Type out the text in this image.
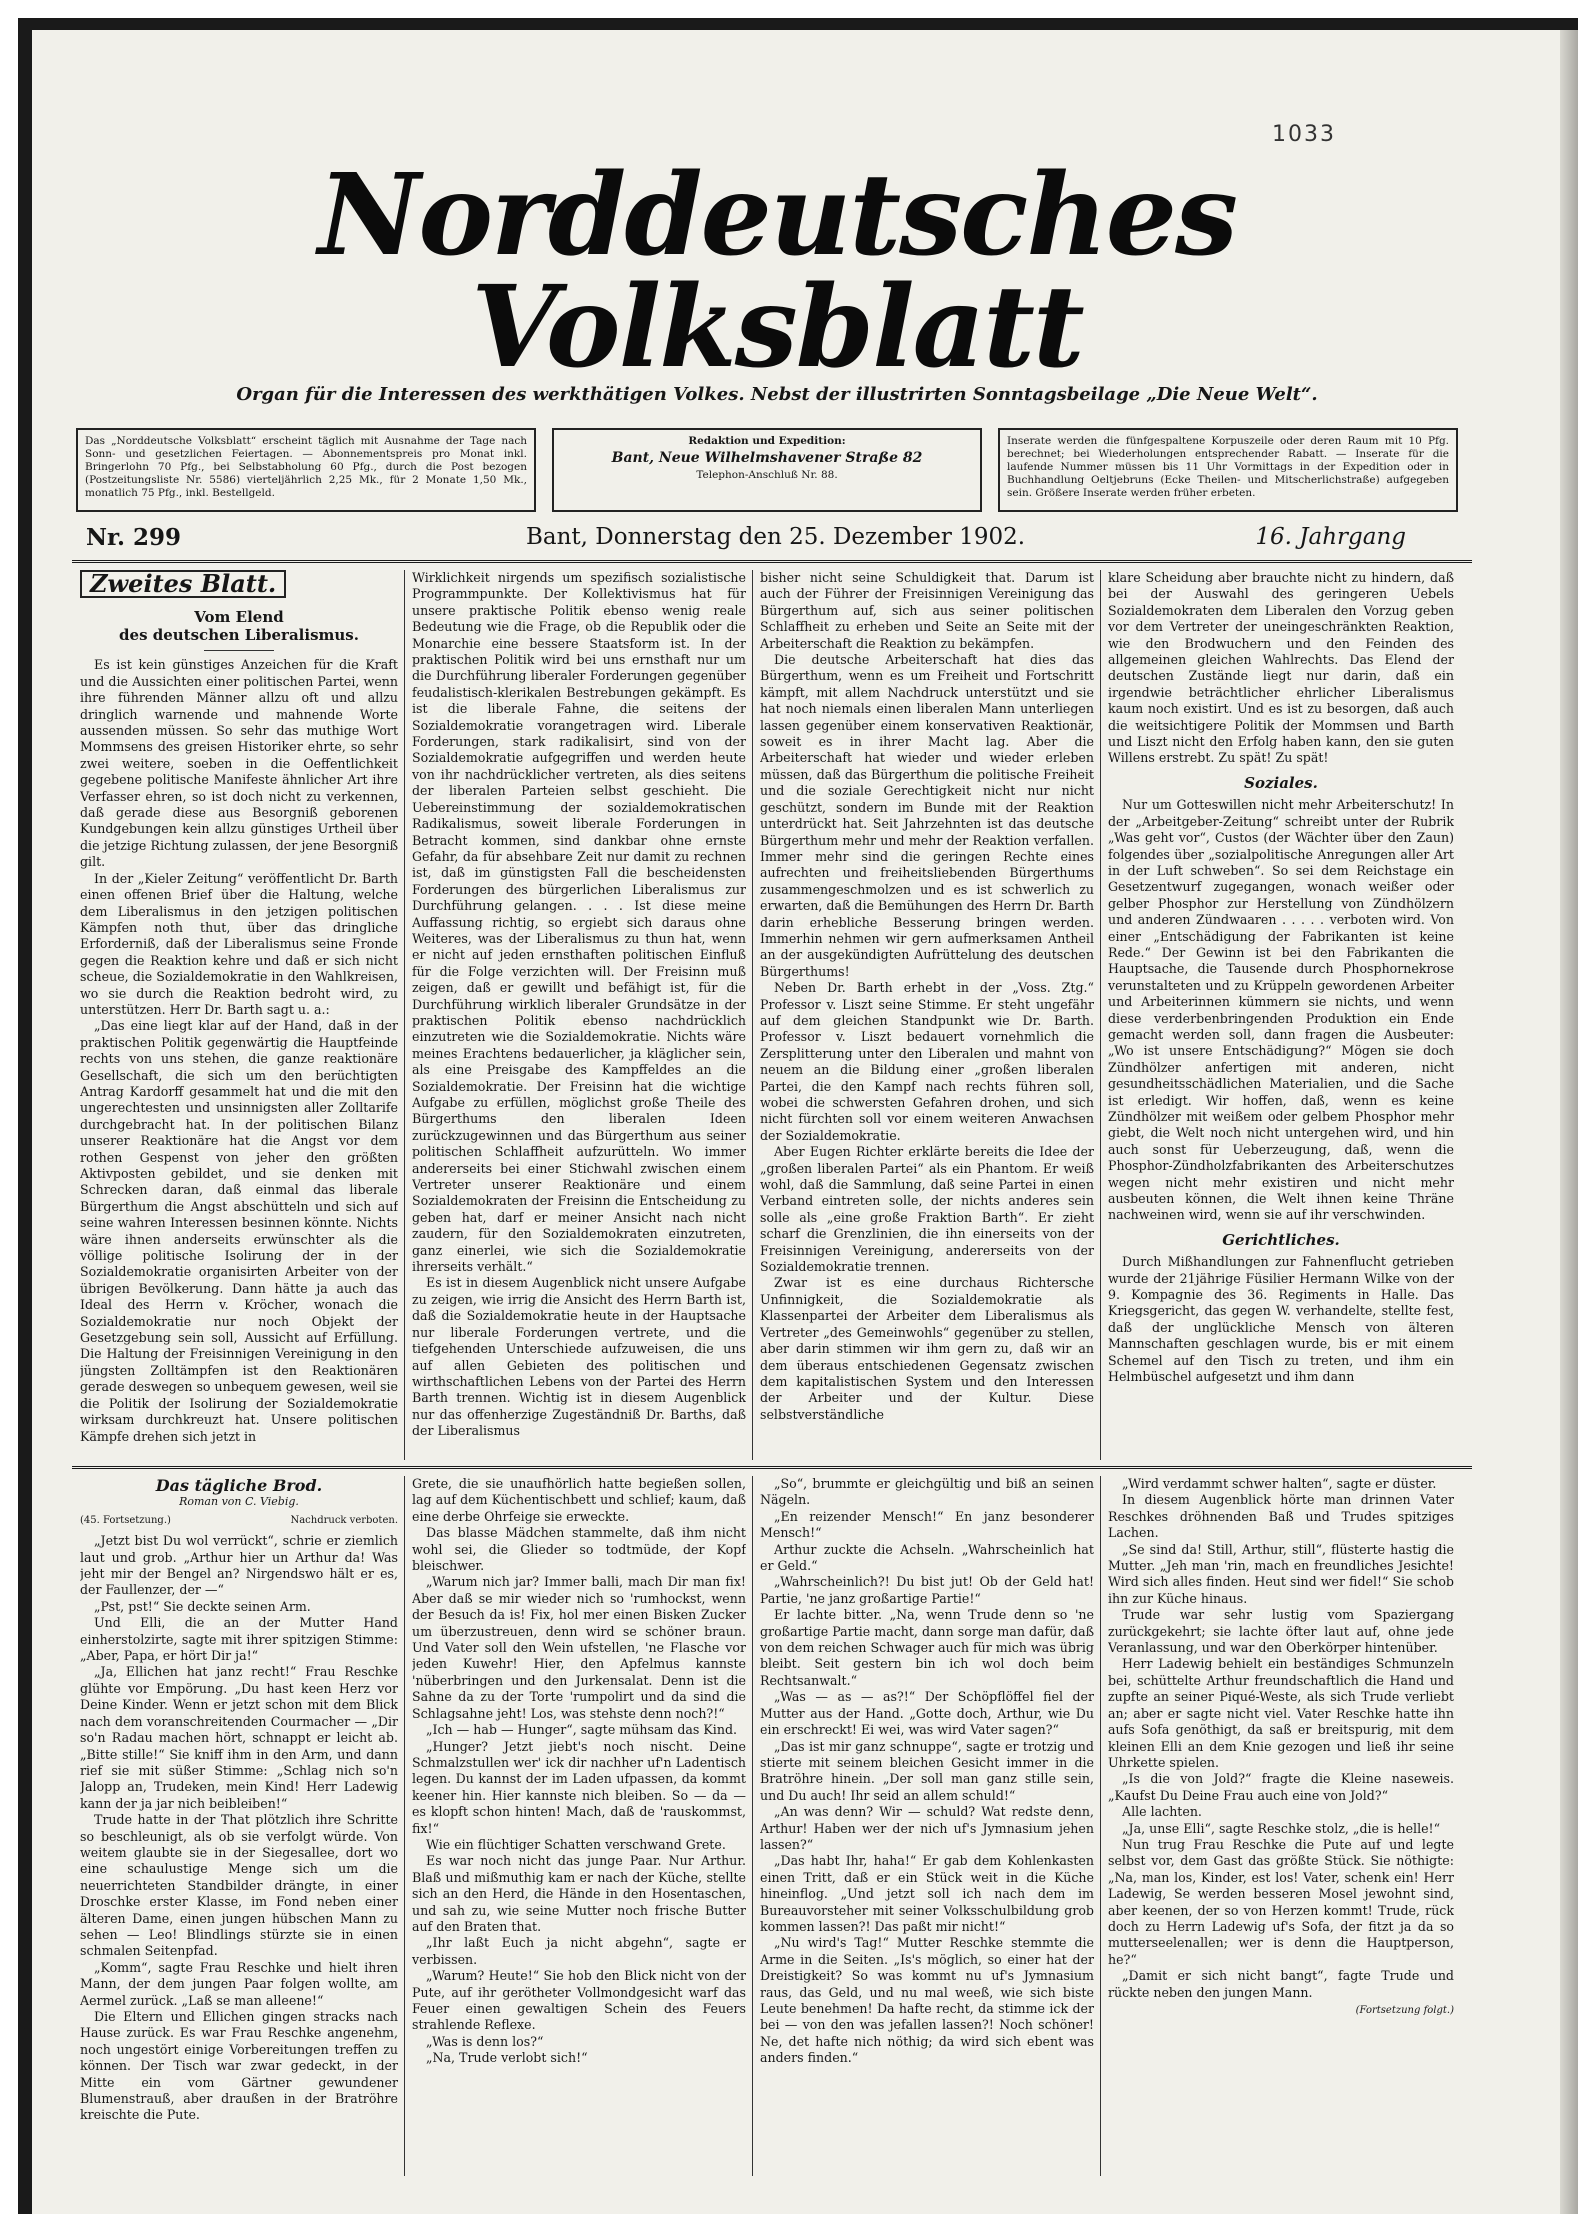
1033
Norddeutsches Volksblatt
Organ für die Interessen des werkthätigen Volkes. Nebst der illustrirten Sonntagsbeilage „Die Neue Welt“.
Das „Norddeutsche Volksblatt“ erscheint täglich mit Ausnahme der Tage nach Sonn- und gesetzlichen Feiertagen. — Abonnementspreis pro Monat inkl. Bringerlohn 70 Pfg., bei Selbstabholung 60 Pfg., durch die Post bezogen (Postzeitungsliste Nr. 5586) vierteljährlich 2,25 Mk., für 2 Monate 1,50 Mk., monatlich 75 Pfg., inkl. Bestellgeld.
Redaktion und Expedition:
Bant, Neue Wilhelmshavener Straße 82
Telephon-Anschluß Nr. 88.
Inserate werden die fünfgespaltene Korpuszeile oder deren Raum mit 10 Pfg. berechnet; bei Wiederholungen entsprechender Rabatt. — Inserate für die laufende Nummer müssen bis 11 Uhr Vormittags in der Expedition oder in Buchhandlung Oeltjebruns (Ecke Theilen- und Mitscherlichstraße) aufgegeben sein. Größere Inserate werden früher erbeten.
Nr. 299	Bant, Donnerstag den 25. Dezember 1902.	16. Jahrgang
Zweites Blatt.
Vom Elend
des deutschen Liberalismus.

Es ist kein günstiges Anzeichen für die Kraft und die Aussichten einer politischen Partei, wenn ihre führenden Männer allzu oft und allzu dringlich warnende und mahnende Worte aussenden müssen. So sehr das muthige Wort Mommsens des greisen Historiker ehrte, so sehr zwei weitere, soeben in die Oeffentlichkeit gegebene politische Manifeste ähnlicher Art ihre Verfasser ehren, so ist doch nicht zu verkennen, daß gerade diese aus Besorgniß geborenen Kundgebungen kein allzu günstiges Urtheil über die jetzige Richtung zulassen, der jene Besorgniß gilt.

In der „Kieler Zeitung“ veröffentlicht Dr. Barth einen offenen Brief über die Haltung, welche dem Liberalismus in den jetzigen politischen Kämpfen noth thut, über das dringliche Erforderniß, daß der Liberalismus seine Fronde gegen die Reaktion kehre und daß er sich nicht scheue, die Sozialdemokratie in den Wahlkreisen, wo sie durch die Reaktion bedroht wird, zu unterstützen. Herr Dr. Barth sagt u. a.:

„Das eine liegt klar auf der Hand, daß in der praktischen Politik gegenwärtig die Hauptfeinde rechts von uns stehen, die ganze reaktionäre Gesellschaft, die sich um den berüchtigten Antrag Kardorff gesammelt hat und die mit den ungerechtesten und unsinnigsten aller Zolltarife durchgebracht hat. In der politischen Bilanz unserer Reaktionäre hat die Angst vor dem rothen Gespenst von jeher den größten Aktivposten gebildet, und sie denken mit Schrecken daran, daß einmal das liberale Bürgerthum die Angst abschütteln und sich auf seine wahren Interessen besinnen könnte. Nichts wäre ihnen anderseits erwünschter als die völlige politische Isolirung der in der Sozialdemokratie organisirten Arbeiter von der übrigen Bevölkerung. Dann hätte ja auch das Ideal des Herrn v. Kröcher, wonach die Sozialdemokratie nur noch Objekt der Gesetzgebung sein soll, Aussicht auf Erfüllung. Die Haltung der Freisinnigen Vereinigung in den jüngsten Zolltämpfen ist den Reaktionären gerade deswegen so unbequem gewesen, weil sie die Politik der Isolirung der Sozialdemokratie wirksam durchkreuzt hat. Unsere politischen Kämpfe drehen sich jetzt in

Wirklichkeit nirgends um spezifisch sozialistische Programmpunkte. Der Kollektivismus hat für unsere praktische Politik ebenso wenig reale Bedeutung wie die Frage, ob die Republik oder die Monarchie eine bessere Staatsform ist. In der praktischen Politik wird bei uns ernsthaft nur um die Durchführung liberaler Forderungen gegenüber feudalistisch-klerikalen Bestrebungen gekämpft. Es ist die liberale Fahne, die seitens der Sozialdemokratie vorangetragen wird. Liberale Forderungen, stark radikalisirt, sind von der Sozialdemokratie aufgegriffen und werden heute von ihr nachdrücklicher vertreten, als dies seitens der liberalen Parteien selbst geschieht. Die Uebereinstimmung der sozialdemokratischen Radikalismus, soweit liberale Forderungen in Betracht kommen, sind dankbar ohne ernste Gefahr, da für absehbare Zeit nur damit zu rechnen ist, daß im günstigsten Fall die bescheidensten Forderungen des bürgerlichen Liberalismus zur Durchführung gelangen. . . . Ist diese meine Auffassung richtig, so ergiebt sich daraus ohne Weiteres, was der Liberalismus zu thun hat, wenn er nicht auf jeden ernsthaften politischen Einfluß für die Folge verzichten will. Der Freisinn muß zeigen, daß er gewillt und befähigt ist, für die Durchführung wirklich liberaler Grundsätze in der praktischen Politik ebenso nachdrücklich einzutreten wie die Sozialdemokratie. Nichts wäre meines Erachtens bedauerlicher, ja kläglicher sein, als eine Preisgabe des Kampffeldes an die Sozialdemokratie. Der Freisinn hat die wichtige Aufgabe zu erfüllen, möglichst große Theile des Bürgerthums den liberalen Ideen zurückzugewinnen und das Bürgerthum aus seiner politischen Schlaffheit aufzurütteln. Wo immer andererseits bei einer Stichwahl zwischen einem Vertreter unserer Reaktionäre und einem Sozialdemokraten der Freisinn die Entscheidung zu geben hat, darf er meiner Ansicht nach nicht zaudern, für den Sozialdemokraten einzutreten, ganz einerlei, wie sich die Sozialdemokratie ihrerseits verhält.“

Es ist in diesem Augenblick nicht unsere Aufgabe zu zeigen, wie irrig die Ansicht des Herrn Barth ist, daß die Sozialdemokratie heute in der Hauptsache nur liberale Forderungen vertrete, und die tiefgehenden Unterschiede aufzuweisen, die uns auf allen Gebieten des politischen und wirthschaftlichen Lebens von der Partei des Herrn Barth trennen. Wichtig ist in diesem Augenblick nur das offenherzige Zugeständniß Dr. Barths, daß der Liberalismus

bisher nicht seine Schuldigkeit that. Darum ist auch der Führer der Freisinnigen Vereinigung das Bürgerthum auf, sich aus seiner politischen Schlaffheit zu erheben und Seite an Seite mit der Arbeiterschaft die Reaktion zu bekämpfen.

Die deutsche Arbeiterschaft hat dies das Bürgerthum, wenn es um Freiheit und Fortschritt kämpft, mit allem Nachdruck unterstützt und sie hat noch niemals einen liberalen Mann unterliegen lassen gegenüber einem konservativen Reaktionär, soweit es in ihrer Macht lag. Aber die Arbeiterschaft hat wieder und wieder erleben müssen, daß das Bürgerthum die politische Freiheit und die soziale Gerechtigkeit nicht nur nicht geschützt, sondern im Bunde mit der Reaktion unterdrückt hat. Seit Jahrzehnten ist das deutsche Bürgerthum mehr und mehr der Reaktion verfallen. Immer mehr sind die geringen Rechte eines aufrechten und freiheitsliebenden Bürgerthums zusammengeschmolzen und es ist schwerlich zu erwarten, daß die Bemühungen des Herrn Dr. Barth darin erhebliche Besserung bringen werden. Immerhin nehmen wir gern aufmerksamen Antheil an der ausgekündigten Aufrüttelung des deutschen Bürgerthums!

Neben Dr. Barth erhebt in der „Voss. Ztg.“ Professor v. Liszt seine Stimme. Er steht ungefähr auf dem gleichen Standpunkt wie Dr. Barth. Professor v. Liszt bedauert vornehmlich die Zersplitterung unter den Liberalen und mahnt von neuem an die Bildung einer „großen liberalen Partei, die den Kampf nach rechts führen soll, wobei die schwersten Gefahren drohen, und sich nicht fürchten soll vor einem weiteren Anwachsen der Sozialdemokratie.

Aber Eugen Richter erklärte bereits die Idee der „großen liberalen Partei“ als ein Phantom. Er weiß wohl, daß die Sammlung, daß seine Partei in einen Verband eintreten solle, der nichts anderes sein solle als „eine große Fraktion Barth“. Er zieht scharf die Grenzlinien, die ihn einerseits von der Freisinnigen Vereinigung, andererseits von der Sozialdemokratie trennen.

Zwar ist es eine durchaus Richtersche Unfinnigkeit, die Sozialdemokratie als Klassenpartei der Arbeiter dem Liberalismus als Vertreter „des Gemeinwohls“ gegenüber zu stellen, aber darin stimmen wir ihm gern zu, daß wir an dem überaus entschiedenen Gegensatz zwischen dem kapitalistischen System und den Interessen der Arbeiter und der Kultur. Diese selbstverständliche

klare Scheidung aber brauchte nicht zu hindern, daß bei der Auswahl des geringeren Uebels Sozialdemokraten dem Liberalen den Vorzug geben vor dem Vertreter der uneingeschränkten Reaktion, wie den Brodwuchern und den Feinden des allgemeinen gleichen Wahlrechts. Das Elend der deutschen Zustände liegt nur darin, daß ein irgendwie beträchtlicher ehrlicher Liberalismus kaum noch existirt. Und es ist zu besorgen, daß auch die weitsichtigere Politik der Mommsen und Barth und Liszt nicht den Erfolg haben kann, den sie guten Willens erstrebt. Zu spät! Zu spät!

Soziales.

Nur um Gotteswillen nicht mehr Arbeiterschutz! In der „Arbeitgeber-Zeitung“ schreibt unter der Rubrik „Was geht vor“, Custos (der Wächter über den Zaun) folgendes über „sozialpolitische Anregungen aller Art in der Luft schweben“. So sei dem Reichstage ein Gesetzentwurf zugegangen, wonach weißer oder gelber Phosphor zur Herstellung von Zündhölzern und anderen Zündwaaren . . . . . verboten wird. Von einer „Entschädigung der Fabrikanten ist keine Rede.“ Der Gewinn ist bei den Fabrikanten die Hauptsache, die Tausende durch Phosphornekrose verunstalteten und zu Krüppeln gewordenen Arbeiter und Arbeiterinnen kümmern sie nichts, und wenn diese verderbenbringenden Produktion ein Ende gemacht werden soll, dann fragen die Ausbeuter: „Wo ist unsere Entschädigung?“ Mögen sie doch Zündhölzer anfertigen mit anderen, nicht gesundheitsschädlichen Materialien, und die Sache ist erledigt. Wir hoffen, daß, wenn es keine Zündhölzer mit weißem oder gelbem Phosphor mehr giebt, die Welt noch nicht untergehen wird, und hin auch sonst für Ueberzeugung, daß, wenn die Phosphor-Zündholzfabrikanten des Arbeiterschutzes wegen nicht mehr existiren und nicht mehr ausbeuten können, die Welt ihnen keine Thräne nachweinen wird, wenn sie auf ihr verschwinden.

Gerichtliches.

Durch Mißhandlungen zur Fahnenflucht getrieben wurde der 21jährige Füsilier Hermann Wilke von der 9. Kompagnie des 36. Regiments in Halle. Das Kriegsgericht, das gegen W. verhandelte, stellte fest, daß der unglückliche Mensch von älteren Mannschaften geschlagen wurde, bis er mit einem Schemel auf den Tisch zu treten, und ihm ein Helmbüschel aufgesetzt und ihm dann

Das tägliche Brod.
Roman von C. Viebig.
(45. Fortsetzung.)	Nachdruck verboten.

„Jetzt bist Du wol verrückt“, schrie er ziemlich laut und grob. „Arthur hier un Arthur da! Was jeht mir der Bengel an? Nirgendswo hält er es, der Faullenzer, der —“

„Pst, pst!“ Sie deckte seinen Arm.

Und Elli, die an der Mutter Hand einherstolzirte, sagte mit ihrer spitzigen Stimme: „Aber, Papa, er hört Dir ja!“

„Ja, Ellichen hat janz recht!“ Frau Reschke glühte vor Empörung. „Du hast keen Herz vor Deine Kinder. Wenn er jetzt schon mit dem Blick nach dem voranschreitenden Courmacher — „Dir so'n Radau machen hört, schnappt er leicht ab. „Bitte stille!“ Sie kniff ihm in den Arm, und dann rief sie mit süßer Stimme: „Schlag nich so'n Jalopp an, Trudeken, mein Kind! Herr Ladewig kann der ja jar nich beibleiben!“

Trude hatte in der That plötzlich ihre Schritte so beschleunigt, als ob sie verfolgt würde. Von weitem glaubte sie in der Siegesallee, dort wo eine schaulustige Menge sich um die neuerrichteten Standbilder drängte, in einer Droschke erster Klasse, im Fond neben einer älteren Dame, einen jungen hübschen Mann zu sehen — Leo! Blindlings stürzte sie in einen schmalen Seitenpfad.

„Komm“, sagte Frau Reschke und hielt ihren Mann, der dem jungen Paar folgen wollte, am Aermel zurück. „Laß se man alleene!“

Die Eltern und Ellichen gingen stracks nach Hause zurück. Es war Frau Reschke angenehm, noch ungestört einige Vorbereitungen treffen zu können. Der Tisch war zwar gedeckt, in der Mitte ein vom Gärtner gewundener Blumenstrauß, aber draußen in der Bratröhre kreischte die Pute.

Grete, die sie unaufhörlich hatte begießen sollen, lag auf dem Küchentischbett und schlief; kaum, daß eine derbe Ohrfeige sie erweckte.

Das blasse Mädchen stammelte, daß ihm nicht wohl sei, die Glieder so todtmüde, der Kopf bleischwer.

„Warum nich jar? Immer balli, mach Dir man fix! Aber daß se mir wieder nich so 'rumhockst, wenn der Besuch da is! Fix, hol mer einen Bisken Zucker um überzustreuen, denn wird se schöner braun. Und Vater soll den Wein ufstellen, 'ne Flasche vor jeden Kuwehr! Hier, den Apfelmus kannste 'nüberbringen und den Jurkensalat. Denn ist die Sahne da zu der Torte 'rumpolirt und da sind die Schlagsahne jeht! Los, was stehste denn noch?!“

„Ich — hab — Hunger“, sagte mühsam das Kind.

„Hunger? Jetzt jiebt's noch nischt. Deine Schmalzstullen wer' ick dir nachher uf'n Ladentisch legen. Du kannst der im Laden ufpassen, da kommt keener hin. Hier kannste nich bleiben. So — da — es klopft schon hinten! Mach, daß de 'rauskommst, fix!“

Wie ein flüchtiger Schatten verschwand Grete.

Es war noch nicht das junge Paar. Nur Arthur. Blaß und mißmuthig kam er nach der Küche, stellte sich an den Herd, die Hände in den Hosentaschen, und sah zu, wie seine Mutter noch frische Butter auf den Braten that.

„Ihr laßt Euch ja nicht abgehn“, sagte er verbissen.

„Warum? Heute!“ Sie hob den Blick nicht von der Pute, auf ihr gerötheter Vollmondgesicht warf das Feuer einen gewaltigen Schein des Feuers strahlende Reflexe.

„Was is denn los?“

„Na, Trude verlobt sich!“

„So“, brummte er gleichgültig und biß an seinen Nägeln.

„En reizender Mensch!“ En janz besonderer Mensch!“

Arthur zuckte die Achseln. „Wahrscheinlich hat er Geld.“

„Wahrscheinlich?! Du bist jut! Ob der Geld hat! Partie, 'ne janz großartige Partie!“

Er lachte bitter. „Na, wenn Trude denn so 'ne großartige Partie macht, dann sorge man dafür, daß von dem reichen Schwager auch für mich was übrig bleibt. Seit gestern bin ich wol doch beim Rechtsanwalt.“

„Was — as — as?!“ Der Schöpflöffel fiel der Mutter aus der Hand. „Gotte doch, Arthur, wie Du ein erschreckt! Ei wei, was wird Vater sagen?“

„Das ist mir ganz schnuppe“, sagte er trotzig und stierte mit seinem bleichen Gesicht immer in die Bratröhre hinein. „Der soll man ganz stille sein, und Du auch! Ihr seid an allem schuld!“

„An was denn? Wir — schuld? Wat redste denn, Arthur! Haben wer der nich uf's Jymnasium jehen lassen?“

„Das habt Ihr, haha!“ Er gab dem Kohlenkasten einen Tritt, daß er ein Stück weit in die Küche hineinflog. „Und jetzt soll ich nach dem im Bureauvorsteher mit seiner Volksschulbildung grob kommen lassen?! Das paßt mir nicht!“

„Nu wird's Tag!“ Mutter Reschke stemmte die Arme in die Seiten. „Is's möglich, so einer hat der Dreistigkeit? So was kommt nu uf's Jymnasium raus, das Geld, und nu mal weeß, wie sich biste Leute benehmen! Da hafte recht, da stimme ick der bei — von den was jefallen lassen?! Noch schöner! Ne, det hafte nich nöthig; da wird sich ebent was anders finden.“

„Wird verdammt schwer halten“, sagte er düster.

In diesem Augenblick hörte man drinnen Vater Reschkes dröhnenden Baß und Trudes spitziges Lachen.

„Se sind da! Still, Arthur, still“, flüsterte hastig die Mutter. „Jeh man 'rin, mach en freundliches Jesichte! Wird sich alles finden. Heut sind wer fidel!“ Sie schob ihn zur Küche hinaus.

Trude war sehr lustig vom Spaziergang zurückgekehrt; sie lachte öfter laut auf, ohne jede Veranlassung, und war den Oberkörper hintenüber.

Herr Ladewig behielt ein beständiges Schmunzeln bei, schüttelte Arthur freundschaftlich die Hand und zupfte an seiner Piqué-Weste, als sich Trude verliebt an; aber er sagte nicht viel. Vater Reschke hatte ihn aufs Sofa genöthigt, da saß er breitspurig, mit dem kleinen Elli an dem Knie gezogen und ließ ihr seine Uhrkette spielen.

„Is die von Jold?“ fragte die Kleine naseweis. „Kaufst Du Deine Frau auch eine von Jold?“

Alle lachten.

„Ja, unse Elli“, sagte Reschke stolz, „die is helle!“

Nun trug Frau Reschke die Pute auf und legte selbst vor, dem Gast das größte Stück. Sie nöthigte: „Na, man los, Kinder, est los! Vater, schenk ein! Herr Ladewig, Se werden besseren Mosel jewohnt sind, aber keenen, der so von Herzen kommt! Trude, rück doch zu Herrn Ladewig uf's Sofa, der fitzt ja da so mutterseelenallen; wer is denn die Hauptperson, he?“

„Damit er sich nicht bangt“, fagte Trude und rückte neben den jungen Mann.

(Fortsetzung folgt.)
